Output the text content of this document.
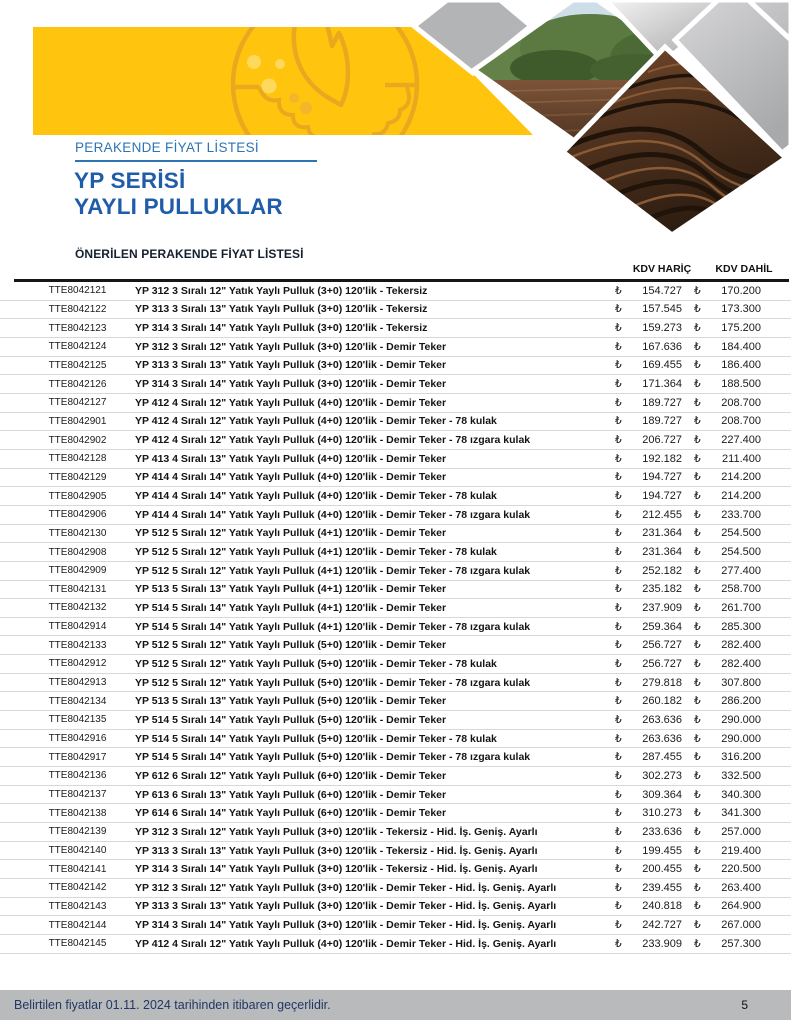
PERAKENDE FİYAT LİSTESİ
YP SERİSİ
YAYLI PULLUKLAR
ÖNERİLEN PERAKENDE FİYAT LİSTESİ
KDV HARİÇ	KDV DAHİL
TTE8042121	YP 312 3 Sıralı 12" Yatık Yaylı Pulluk (3+0) 120'lik - Tekersiz	₺	154.727	₺	170.200
TTE8042122	YP 313 3 Sıralı 13" Yatık Yaylı Pulluk (3+0) 120'lik - Tekersiz	₺	157.545	₺	173.300
TTE8042123	YP 314 3 Sıralı 14" Yatık Yaylı Pulluk (3+0) 120'lik - Tekersiz	₺	159.273	₺	175.200
TTE8042124	YP 312 3 Sıralı 12" Yatık Yaylı Pulluk (3+0) 120'lik - Demir Teker	₺	167.636	₺	184.400
TTE8042125	YP 313 3 Sıralı 13" Yatık Yaylı Pulluk (3+0) 120'lik - Demir Teker	₺	169.455	₺	186.400
TTE8042126	YP 314 3 Sıralı 14" Yatık Yaylı Pulluk (3+0) 120'lik - Demir Teker	₺	171.364	₺	188.500
TTE8042127	YP 412 4 Sıralı 12" Yatık Yaylı Pulluk (4+0) 120'lik - Demir Teker	₺	189.727	₺	208.700
TTE8042901	YP 412 4 Sıralı 12" Yatık Yaylı Pulluk (4+0) 120'lik - Demir Teker - 78 kulak	₺	189.727	₺	208.700
TTE8042902	YP 412 4 Sıralı 12" Yatık Yaylı Pulluk (4+0) 120'lik - Demir Teker - 78 ızgara kulak	₺	206.727	₺	227.400
TTE8042128	YP 413 4 Sıralı 13" Yatık Yaylı Pulluk (4+0) 120'lik - Demir Teker	₺	192.182	₺	211.400
TTE8042129	YP 414 4 Sıralı 14" Yatık Yaylı Pulluk (4+0) 120'lik - Demir Teker	₺	194.727	₺	214.200
TTE8042905	YP 414 4 Sıralı 14" Yatık Yaylı Pulluk (4+0) 120'lik - Demir Teker - 78 kulak	₺	194.727	₺	214.200
TTE8042906	YP 414 4 Sıralı 14" Yatık Yaylı Pulluk (4+0) 120'lik - Demir Teker - 78 ızgara kulak	₺	212.455	₺	233.700
TTE8042130	YP 512 5 Sıralı 12" Yatık Yaylı Pulluk (4+1) 120'lik - Demir Teker	₺	231.364	₺	254.500
TTE8042908	YP 512 5 Sıralı 12" Yatık Yaylı Pulluk (4+1) 120'lik - Demir Teker - 78 kulak	₺	231.364	₺	254.500
TTE8042909	YP 512 5 Sıralı 12" Yatık Yaylı Pulluk (4+1) 120'lik - Demir Teker - 78 ızgara kulak	₺	252.182	₺	277.400
TTE8042131	YP 513 5 Sıralı 13" Yatık Yaylı Pulluk (4+1) 120'lik - Demir Teker	₺	235.182	₺	258.700
TTE8042132	YP 514 5 Sıralı 14" Yatık Yaylı Pulluk (4+1) 120'lik - Demir Teker	₺	237.909	₺	261.700
TTE8042914	YP 514 5 Sıralı 14" Yatık Yaylı Pulluk (4+1) 120'lik - Demir Teker - 78 ızgara kulak	₺	259.364	₺	285.300
TTE8042133	YP 512 5 Sıralı 12" Yatık Yaylı Pulluk (5+0) 120'lik - Demir Teker	₺	256.727	₺	282.400
TTE8042912	YP 512 5 Sıralı 12" Yatık Yaylı Pulluk (5+0) 120'lik - Demir Teker - 78 kulak	₺	256.727	₺	282.400
TTE8042913	YP 512 5 Sıralı 12" Yatık Yaylı Pulluk (5+0) 120'lik - Demir Teker - 78 ızgara kulak	₺	279.818	₺	307.800
TTE8042134	YP 513 5 Sıralı 13" Yatık Yaylı Pulluk (5+0) 120'lik - Demir Teker	₺	260.182	₺	286.200
TTE8042135	YP 514 5 Sıralı 14" Yatık Yaylı Pulluk (5+0) 120'lik - Demir Teker	₺	263.636	₺	290.000
TTE8042916	YP 514 5 Sıralı 14" Yatık Yaylı Pulluk (5+0) 120'lik - Demir Teker - 78 kulak	₺	263.636	₺	290.000
TTE8042917	YP 514 5 Sıralı 14" Yatık Yaylı Pulluk (5+0) 120'lik - Demir Teker - 78 ızgara kulak	₺	287.455	₺	316.200
TTE8042136	YP 612 6 Sıralı 12" Yatık Yaylı Pulluk (6+0) 120'lik - Demir Teker	₺	302.273	₺	332.500
TTE8042137	YP 613 6 Sıralı 13" Yatık Yaylı Pulluk (6+0) 120'lik - Demir Teker	₺	309.364	₺	340.300
TTE8042138	YP 614 6 Sıralı 14" Yatık Yaylı Pulluk (6+0) 120'lik - Demir Teker	₺	310.273	₺	341.300
TTE8042139	YP 312 3 Sıralı 12" Yatık Yaylı Pulluk (3+0) 120'lik - Tekersiz - Hid. İş. Geniş. Ayarlı	₺	233.636	₺	257.000
TTE8042140	YP 313 3 Sıralı 13" Yatık Yaylı Pulluk (3+0) 120'lik - Tekersiz - Hid. İş. Geniş. Ayarlı	₺	199.455	₺	219.400
TTE8042141	YP 314 3 Sıralı 14" Yatık Yaylı Pulluk (3+0) 120'lik - Tekersiz - Hid. İş. Geniş. Ayarlı	₺	200.455	₺	220.500
TTE8042142	YP 312 3 Sıralı 12" Yatık Yaylı Pulluk (3+0) 120'lik - Demir Teker - Hid. İş. Geniş. Ayarlı	₺	239.455	₺	263.400
TTE8042143	YP 313 3 Sıralı 13" Yatık Yaylı Pulluk (3+0) 120'lik - Demir Teker - Hid. İş. Geniş. Ayarlı	₺	240.818	₺	264.900
TTE8042144	YP 314 3 Sıralı 14" Yatık Yaylı Pulluk (3+0) 120'lik - Demir Teker - Hid. İş. Geniş. Ayarlı	₺	242.727	₺	267.000
TTE8042145	YP 412 4 Sıralı 12" Yatık Yaylı Pulluk (4+0) 120'lik - Demir Teker - Hid. İş. Geniş. Ayarlı	₺	233.909	₺	257.300
Belirtilen fiyatlar 01.11. 2024 tarihinden itibaren geçerlidir.	5
